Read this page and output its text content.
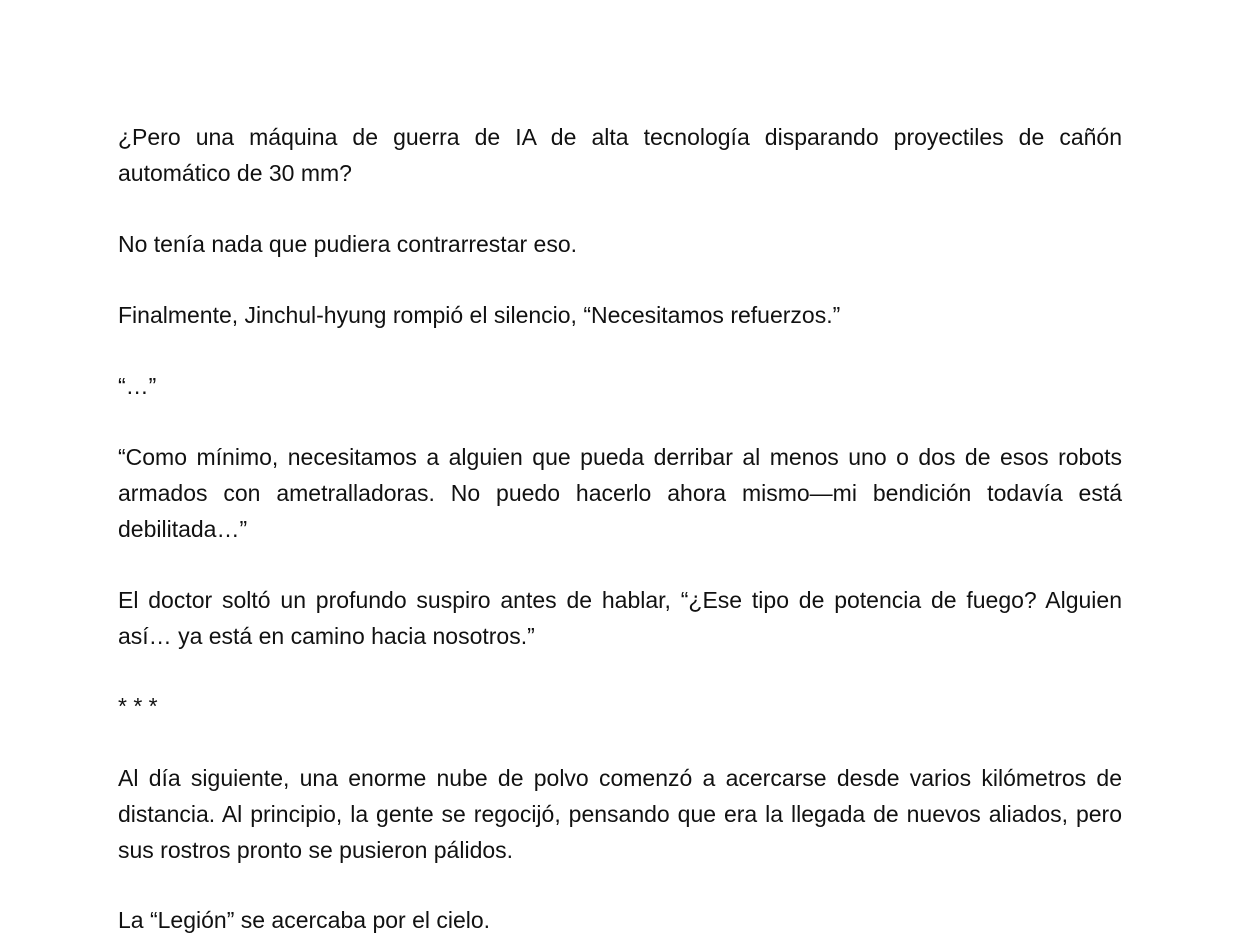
¿Pero una máquina de guerra de IA de alta tecnología disparando proyectiles de cañón automático de 30 mm?

No tenía nada que pudiera contrarrestar eso.

Finalmente, Jinchul-hyung rompió el silencio, “Necesitamos refuerzos.”

“…”

“Como mínimo, necesitamos a alguien que pueda derribar al menos uno o dos de esos robots armados con ametralladoras. No puedo hacerlo ahora mismo—mi bendición todavía está debilitada…”

El doctor soltó un profundo suspiro antes de hablar, “¿Ese tipo de potencia de fuego? Alguien así… ya está en camino hacia nosotros.”

* * *

Al día siguiente, una enorme nube de polvo comenzó a acercarse desde varios kilómetros de distancia. Al principio, la gente se regocijó, pensando que era la llegada de nuevos aliados, pero sus rostros pronto se pusieron pálidos.

La “Legión” se acercaba por el cielo.
